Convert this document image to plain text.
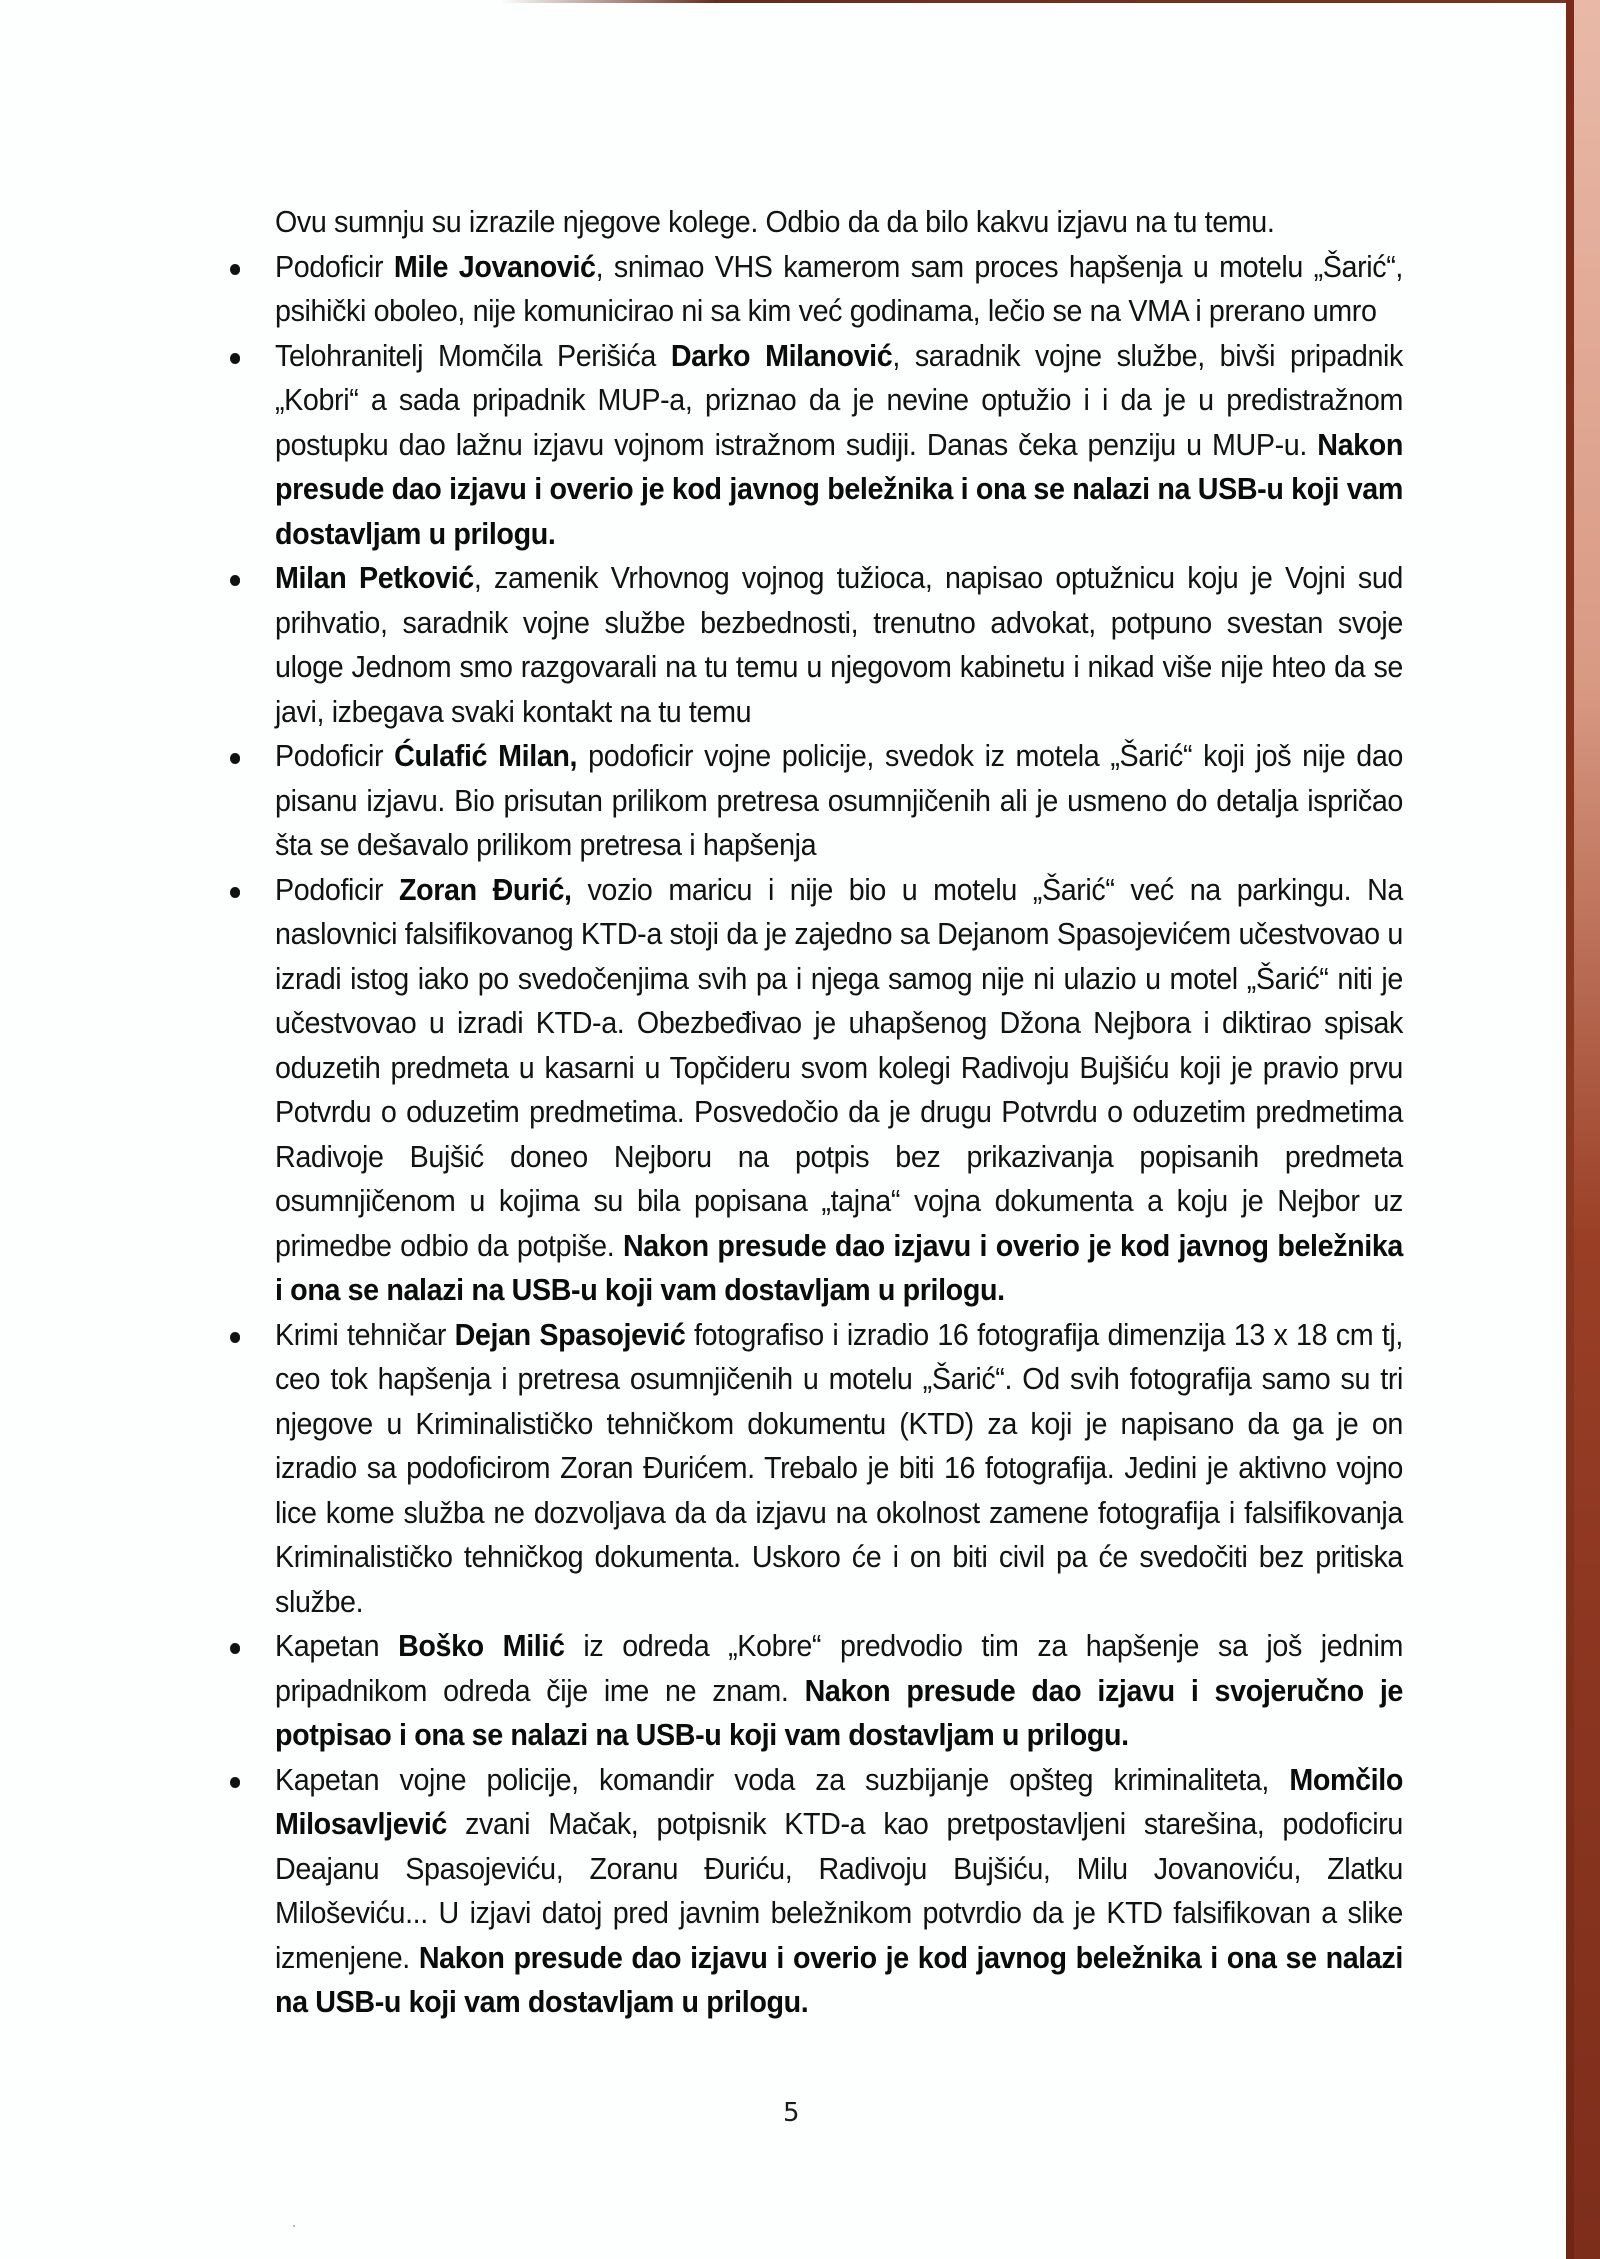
Ovu sumnju su izrazile njegove kolege. Odbio da da bilo kakvu izjavu na tu temu.

Podoficir Mile Jovanović, snimao VHS kamerom sam proces hapšenja u motelu „Šarić“, psihički oboleo, nije komunicirao ni sa kim već godinama, lečio se na VMA i prerano umro
Telohranitelj Momčila Perišića Darko Milanović, saradnik vojne službe, bivši pripadnik „Kobri“ a sada pripadnik MUP-a, priznao da je nevine optužio i i da je u predistražnom postupku dao lažnu izjavu vojnom istražnom sudiji. Danas čeka penziju u MUP-u. Nakon presude dao izjavu i overio je kod javnog beležnika i ona se nalazi na USB-u koji vam dostavljam u prilogu.
Milan Petković, zamenik Vrhovnog vojnog tužioca, napisao optužnicu koju je Vojni sud prihvatio, saradnik vojne službe bezbednosti, trenutno advokat, potpuno svestan svoje uloge Jednom smo razgovarali na tu temu u njegovom kabinetu i nikad više nije hteo da se javi, izbegava svaki kontakt na tu temu
Podoficir Ćulafić Milan, podoficir vojne policije, svedok iz motela „Šarić“ koji još nije dao pisanu izjavu. Bio prisutan prilikom pretresa osumnjičenih ali je usmeno do detalja ispričao šta se dešavalo prilikom pretresa i hapšenja
Podoficir Zoran Đurić, vozio maricu i nije bio u motelu „Šarić“ već na parkingu. Na naslovnici falsifikovanog KTD-a stoji da je zajedno sa Dejanom Spasojevićem učestvovao u izradi istog iako po svedočenjima svih pa i njega samog nije ni ulazio u motel „Šarić“ niti je učestvovao u izradi KTD-a. Obezbeđivao je uhapšenog Džona Nejbora i diktirao spisak oduzetih predmeta u kasarni u Topčideru svom kolegi Radivoju Bujšiću koji je pravio prvu Potvrdu o oduzetim predmetima. Posvedočio da je drugu Potvrdu o oduzetim predmetima Radivoje Bujšić doneo Nejboru na potpis bez prikazivanja popisanih predmeta osumnjičenom u kojima su bila popisana „tajna“ vojna dokumenta a koju je Nejbor uz primedbe odbio da potpiše. Nakon presude dao izjavu i overio je kod javnog beležnika i ona se nalazi na USB-u koji vam dostavljam u prilogu.
Krimi tehničar Dejan Spasojević fotografiso i izradio 16 fotografija dimenzija 13 x 18 cm tj, ceo tok hapšenja i pretresa osumnjičenih u motelu „Šarić“. Od svih fotografija samo su tri njegove u Kriminalističko tehničkom dokumentu (KTD) za koji je napisano da ga je on izradio sa podoficirom Zoran Đurićem. Trebalo je biti 16 fotografija. Jedini je aktivno vojno lice kome služba ne dozvoljava da da izjavu na okolnost zamene fotografija i falsifikovanja Kriminalističko tehničkog dokumenta. Uskoro će i on biti civil pa će svedočiti bez pritiska službe.
Kapetan Boško Milić iz odreda „Kobre“ predvodio tim za hapšenje sa još jednim pripadnikom odreda čije ime ne znam. Nakon presude dao izjavu i svojeručno je potpisao i ona se nalazi na USB-u koji vam dostavljam u prilogu.
Kapetan vojne policije, komandir voda za suzbijanje opšteg kriminaliteta, Momčilo Milosavljević zvani Mačak, potpisnik KTD-a kao pretpostavljeni starešina, podoficiru Deajanu Spasojeviću, Zoranu Đuriću, Radivoju Bujšiću, Milu Jovanoviću, Zlatku Miloševiću... U izjavi datoj pred javnim beležnikom potvrdio da je KTD falsifikovan a slike izmenjene. Nakon presude dao izjavu i overio je kod javnog beležnika i ona se nalazi na USB-u koji vam dostavljam u prilogu.
5
